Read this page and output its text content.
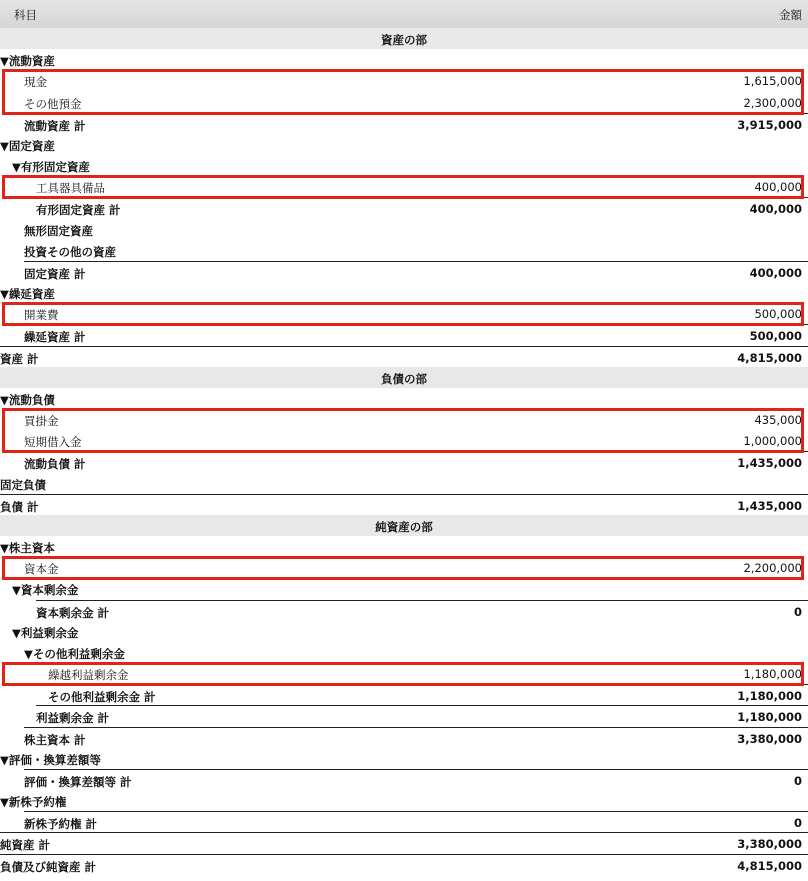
科目	金額
資産の部
▼流動資産
現金	1,615,000
その他預金	2,300,000
流動資産 計	3,915,000
▼固定資産
▼有形固定資産
工具器具備品	400,000
有形固定資産 計	400,000
無形固定資産
投資その他の資産
固定資産 計	400,000
▼繰延資産
開業費	500,000
繰延資産 計	500,000
資産 計	4,815,000
負債の部
▼流動負債
買掛金	435,000
短期借入金	1,000,000
流動負債 計	1,435,000
固定負債
負債 計	1,435,000
純資産の部
▼株主資本
資本金	2,200,000
▼資本剰余金
資本剰余金 計	0
▼利益剰余金
▼その他利益剰余金
繰越利益剰余金	1,180,000
その他利益剰余金 計	1,180,000
利益剰余金 計	1,180,000
株主資本 計	3,380,000
▼評価・換算差額等
評価・換算差額等 計	0
▼新株予約権
新株予約権 計	0
純資産 計	3,380,000
負債及び純資産 計	4,815,000
